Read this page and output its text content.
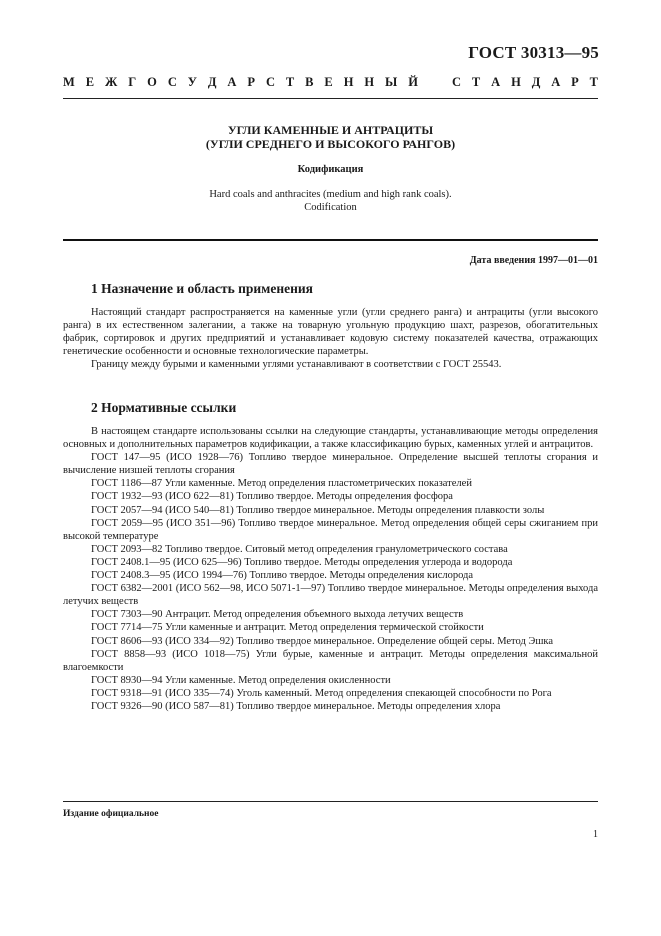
ГОСТ 30313—95
М Е Ж Г О С У Д А Р С Т В Е Н Н Ы Й	С Т А Н Д А Р Т
УГЛИ КАМЕННЫЕ И АНТРАЦИТЫ
(УГЛИ СРЕДНЕГО И ВЫСОКОГО РАНГОВ)
Кодификация
Hard coals and anthracites (medium and high rank coals).
Codification
Дата введения 1997—01—01
1 Назначение и область применения

Настоящий стандарт распространяется на каменные угли (угли среднего ранга) и антрациты (угли высокого ранга) в их естественном залегании, а также на товарную угольную продукцию шахт, разрезов, обогатительных фабрик, сортировок и других предприятий и устанавливает кодовую систему показателей качества, отражающих генетические особенности и основные технологические параметры.

Границу между бурыми и каменными углями устанавливают в соответствии с ГОСТ 25543.

2 Нормативные ссылки

В настоящем стандарте использованы ссылки на следующие стандарты, устанавливающие методы определения основных и дополнительных параметров кодификации, а также классификацию бурых, каменных углей и антрацитов.

ГОСТ 147—95 (ИСО 1928—76) Топливо твердое минеральное. Определение высшей теплоты сгорания и вычисление низшей теплоты сгорания

ГОСТ 1186—87 Угли каменные. Метод определения пластометрических показателей

ГОСТ 1932—93 (ИСО 622—81) Топливо твердое. Методы определения фосфора

ГОСТ 2057—94 (ИСО 540—81) Топливо твердое минеральное. Методы определения плавкости золы

ГОСТ 2059—95 (ИСО 351—96) Топливо твердое минеральное. Метод определения общей серы сжиганием при высокой температуре

ГОСТ 2093—82 Топливо твердое. Ситовый метод определения гранулометрического состава

ГОСТ 2408.1—95 (ИСО 625—96) Топливо твердое. Методы определения углерода и водорода

ГОСТ 2408.3—95 (ИСО 1994—76) Топливо твердое. Методы определения кислорода

ГОСТ 6382—2001 (ИСО 562—98, ИСО 5071-1—97) Топливо твердое минеральное. Методы определения выхода летучих веществ

ГОСТ 7303—90 Антрацит. Метод определения объемного выхода летучих веществ

ГОСТ 7714—75 Угли каменные и антрацит. Метод определения термической стойкости

ГОСТ 8606—93 (ИСО 334—92) Топливо твердое минеральное. Определение общей серы. Метод Эшка

ГОСТ 8858—93 (ИСО 1018—75) Угли бурые, каменные и антрацит. Методы определения максимальной влагоемкости

ГОСТ 8930—94 Угли каменные. Метод определения окисленности

ГОСТ 9318—91 (ИСО 335—74) Уголь каменный. Метод определения спекающей способности по Рога

ГОСТ 9326—90 (ИСО 587—81) Топливо твердое минеральное. Методы определения хлора

Издание официальное
1
